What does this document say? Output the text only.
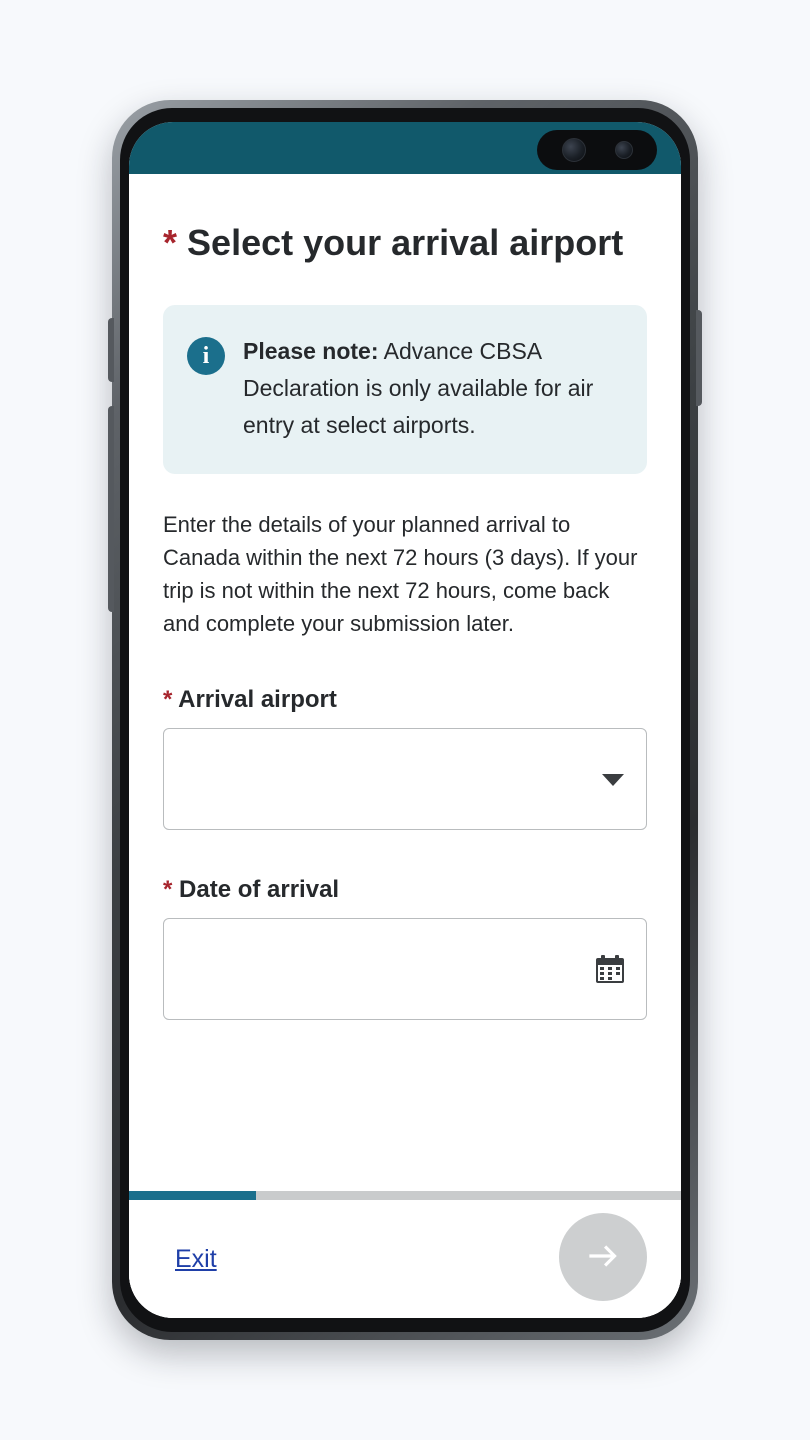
* Select your arrival airport
i	Please note: Advance CBSA Declaration is only available for air entry at select airports.

Enter the details of your planned arrival to Canada within the next 72 hours (3 days). If your trip is not within the next 72 hours, come back and complete your submission later.

* Arrival airport
* Date of arrival
Exit
